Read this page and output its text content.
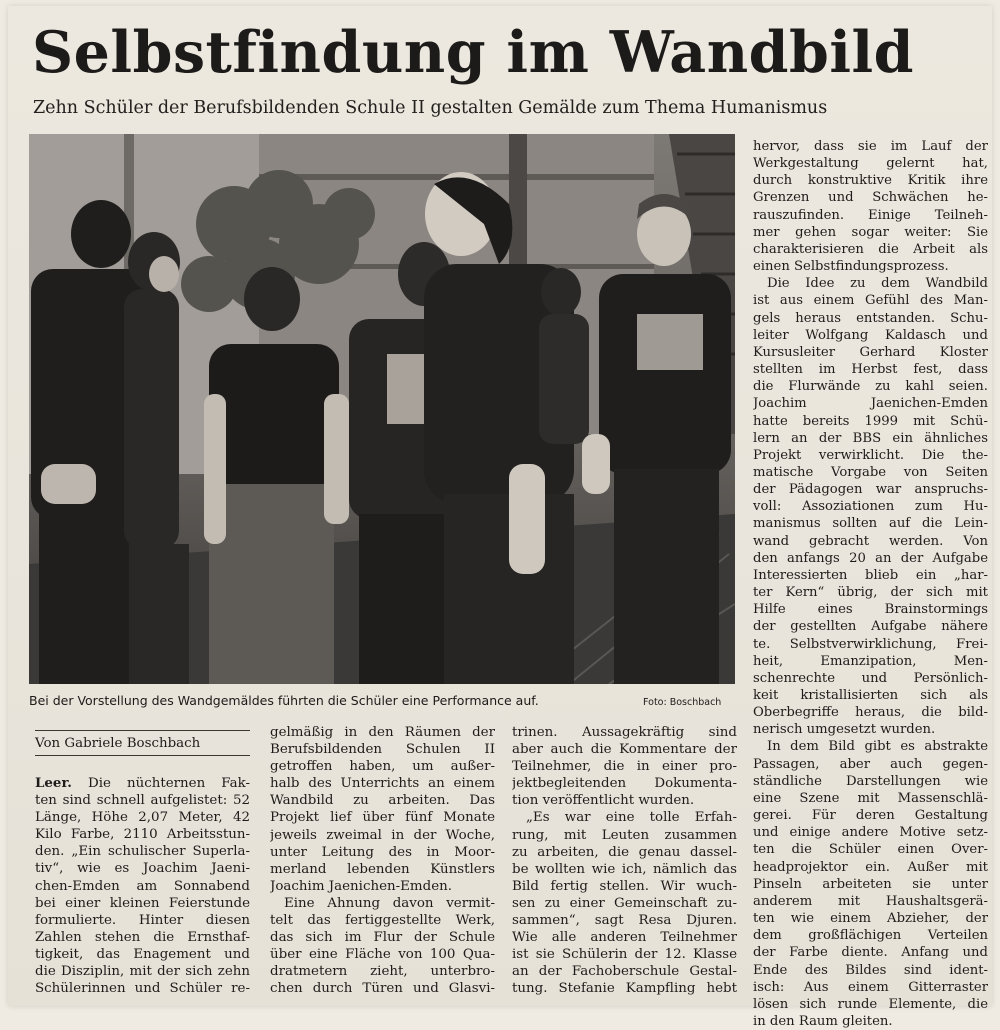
Selbstfindung im Wandbild
Zehn Schüler der Berufsbildenden Schule II gestalten Gemälde zum Thema Humanismus
Bei der Vorstellung des Wandgemäldes führten die Schüler eine Performance auf.	Foto: Boschbach
Von Gabriele Boschbach
Leer. Die nüchternen Fak-
ten sind schnell aufgelistet: 52
Länge, Höhe 2,07 Meter, 42
Kilo Farbe, 2110 Arbeitsstun-
den. „Ein schulischer Superla-
tiv“, wie es Joachim Jaeni-
chen-Emden am Sonnabend
bei einer kleinen Feierstunde
formulierte. Hinter diesen
Zahlen stehen die Ernsthaf-
tigkeit, das Enagement und
die Disziplin, mit der sich zehn
Schülerinnen und Schüler re-
gelmäßig in den Räumen der
Berufsbildenden Schulen II
getroffen haben, um außer-
halb des Unterrichts an einem
Wandbild zu arbeiten. Das
Projekt lief über fünf Monate
jeweils zweimal in der Woche,
unter Leitung des in Moor-
merland lebenden Künstlers
Joachim Jaenichen-Emden.
Eine Ahnung davon vermit-
telt das fertiggestellte Werk,
das sich im Flur der Schule
über eine Fläche von 100 Qua-
dratmetern zieht, unterbro-
chen durch Türen und Glasvi-
trinen. Aussagekräftig sind
aber auch die Kommentare der
Teilnehmer, die in einer pro-
jektbegleitenden Dokumenta-
tion veröffentlicht wurden.
„Es war eine tolle Erfah-
rung, mit Leuten zusammen
zu arbeiten, die genau dassel-
be wollten wie ich, nämlich das
Bild fertig stellen. Wir wuch-
sen zu einer Gemeinschaft zu-
sammen“, sagt Resa Djuren.
Wie alle anderen Teilnehmer
ist sie Schülerin der 12. Klasse
an der Fachoberschule Gestal-
tung. Stefanie Kampfling hebt
hervor, dass sie im Lauf der
Werkgestaltung gelernt hat,
durch konstruktive Kritik ihre
Grenzen und Schwächen he-
rauszufinden. Einige Teilneh-
mer gehen sogar weiter: Sie
charakterisieren die Arbeit als
einen Selbstfindungsprozess.
Die Idee zu dem Wandbild
ist aus einem Gefühl des Man-
gels heraus entstanden. Schu-
leiter Wolfgang Kaldasch und
Kursusleiter Gerhard Kloster
stellten im Herbst fest, dass
die Flurwände zu kahl seien.
Joachim Jaenichen-Emden
hatte bereits 1999 mit Schü-
lern an der BBS ein ähnliches
Projekt verwirklicht. Die the-
matische Vorgabe von Seiten
der Pädagogen war anspruchs-
voll: Assoziationen zum Hu-
manismus sollten auf die Lein-
wand gebracht werden. Von
den anfangs 20 an der Aufgabe
Interessierten blieb ein „har-
ter Kern“ übrig, der sich mit
Hilfe eines Brainstormings
der gestellten Aufgabe nähere
te. Selbstverwirklichung, Frei-
heit, Emanzipation, Men-
schenrechte und Persönlich-
keit kristallisierten sich als
Oberbegriffe heraus, die bild-
nerisch umgesetzt wurden.
In dem Bild gibt es abstrakte
Passagen, aber auch gegen-
ständliche Darstellungen wie
eine Szene mit Massenschlä-
gerei. Für deren Gestaltung
und einige andere Motive setz-
ten die Schüler einen Over-
headprojektor ein. Außer mit
Pinseln arbeiteten sie unter
anderem mit Haushaltsgerä-
ten wie einem Abzieher, der
dem großflächigen Verteilen
der Farbe diente. Anfang und
Ende des Bildes sind ident-
isch: Aus einem Gitterraster
lösen sich runde Elemente, die
in den Raum gleiten.
